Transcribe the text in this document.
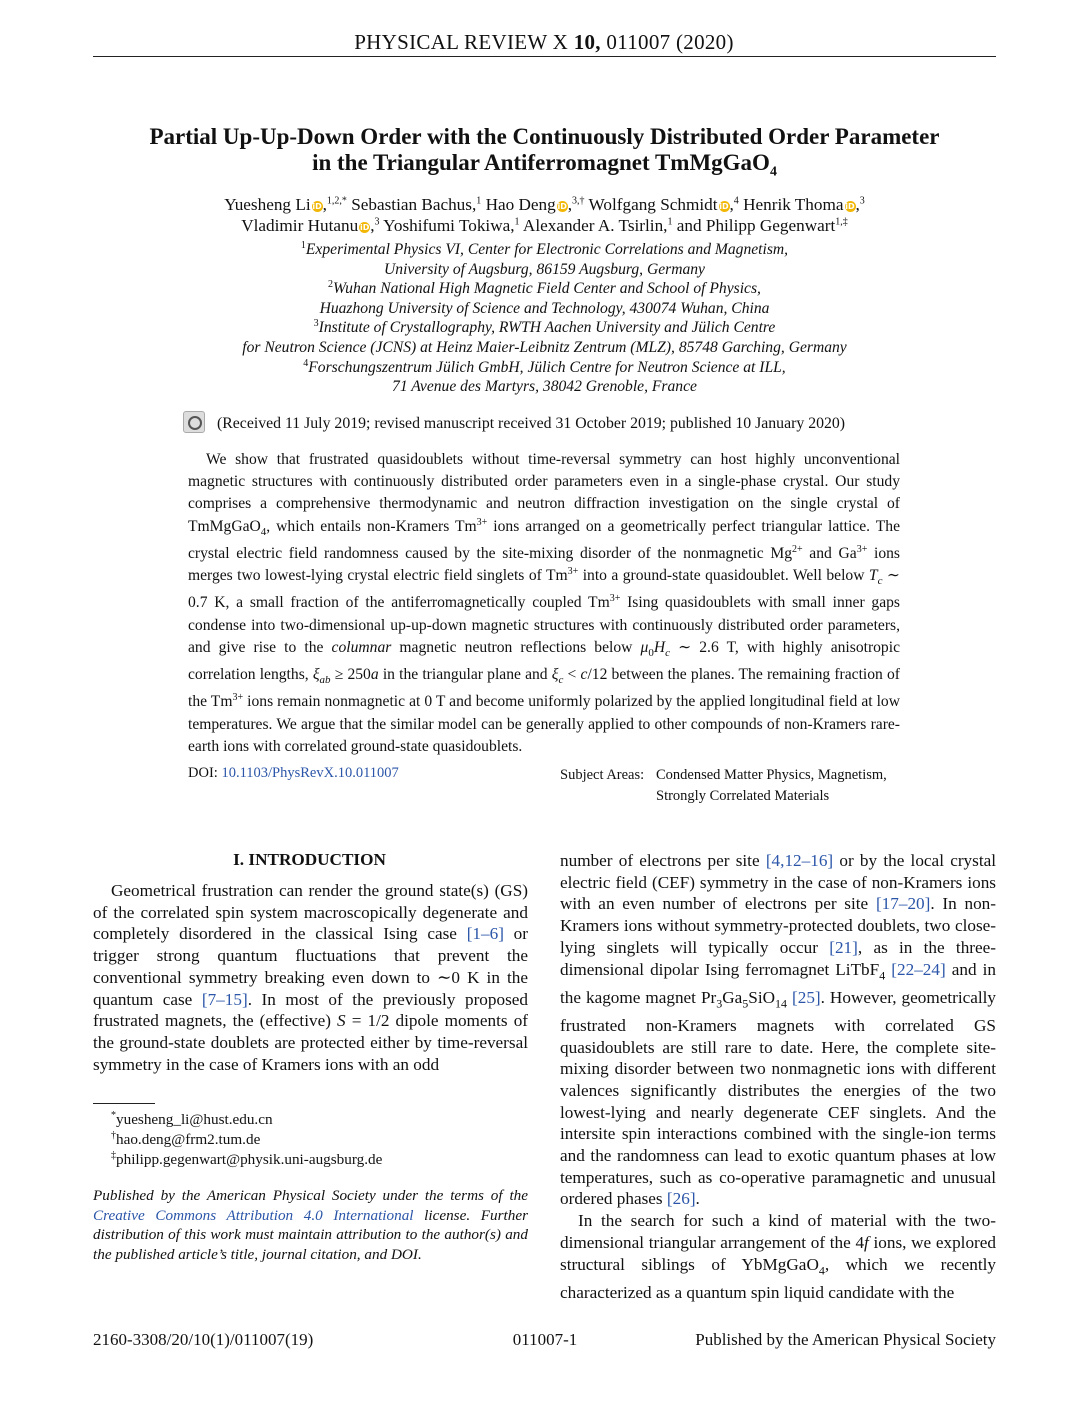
PHYSICAL REVIEW X 10, 011007 (2020)
Partial Up-Up-Down Order with the Continuously Distributed Order Parameter
in the Triangular Antiferromagnet TmMgGaO$_4$
Yuesheng Li iD,$^{1,2,*}$ Sebastian Bachus,$^1$ Hao Deng iD,$^{3,\dagger}$ Wolfgang Schmidt iD,$^4$ Henrik Thoma iD,$^3$
Vladimir Hutanu iD,$^3$ Yoshifumi Tokiwa,$^1$ Alexander A. Tsirlin,$^1$ and Philipp Gegenwart$^{1,\ddagger}$
$^1$Experimental Physics VI, Center for Electronic Correlations and Magnetism,
University of Augsburg, 86159 Augsburg, Germany
$^2$Wuhan National High Magnetic Field Center and School of Physics,
Huazhong University of Science and Technology, 430074 Wuhan, China
$^3$Institute of Crystallography, RWTH Aachen University and Jülich Centre
for Neutron Science (JCNS) at Heinz Maier-Leibnitz Zentrum (MLZ), 85748 Garching, Germany
$^4$Forschungszentrum Jülich GmbH, Jülich Centre for Neutron Science at ILL,
71 Avenue des Martyrs, 38042 Grenoble, France
(Received 11 July 2019; revised manuscript received 31 October 2019; published 10 January 2020)
We show that frustrated quasidoublets without time-reversal symmetry can host highly unconventional magnetic structures with continuously distributed order parameters even in a single-phase crystal. Our study comprises a comprehensive thermodynamic and neutron diffraction investigation on the single crystal of TmMgGaO$_4$, which entails non-Kramers $Tm^{3+}$ ions arranged on a geometrically perfect triangular lattice. The crystal electric field randomness caused by the site-mixing disorder of the nonmagnetic $Mg^{2+}$ and $Ga^{3+}$ ions merges two lowest-lying crystal electric field singlets of $Tm^{3+}$ into a ground-state quasidoublet. Well below $T_c$ ∼ 0.7 K, a small fraction of the antiferromagnetically coupled $Tm^{3+}$ Ising quasidoublets with small inner gaps condense into two-dimensional up-up-down magnetic structures with continuously distributed order parameters, and give rise to the columnar magnetic neutron reflections below $\mu_0H_c$ ∼ 2.6 T, with highly anisotropic correlation lengths, $\xi_{ab} \ge 250a$ in the triangular plane and $\xi_c < c/12$ between the planes. The remaining fraction of the $Tm^{3+}$ ions remain nonmagnetic at 0 T and become uniformly polarized by the applied longitudinal field at low temperatures. We argue that the similar model can be generally applied to other compounds of non-Kramers rare-earth ions with correlated ground-state quasidoublets.
DOI: 10.1103/PhysRevX.10.011007	Subject Areas: Condensed Matter Physics, Magnetism,
Strongly Correlated Materials
I. INTRODUCTION
Geometrical frustration can render the ground state(s) (GS) of the correlated spin system macroscopically degenerate and completely disordered in the classical Ising case [1–6] or trigger strong quantum fluctuations that prevent the conventional symmetry breaking even down to ∼0 K in the quantum case [7–15]. In most of the previously proposed frustrated magnets, the (effective) S = 1/2 dipole moments of the ground-state doublets are protected either by time-reversal symmetry in the case of Kramers ions with an odd

number of electrons per site [4,12–16] or by the local crystal electric field (CEF) symmetry in the case of non-Kramers ions with an even number of electrons per site [17–20]. In non-Kramers ions without symmetry-protected doublets, two close-lying singlets will typically occur [21], as in the three-dimensional dipolar Ising ferromagnet LiTbF$_4$ [22–24] and in the kagome magnet $Pr_3Ga_5SiO_{14}$ [25]. However, geometrically frustrated non-Kramers magnets with correlated GS quasidoublets are still rare to date. Here, the complete site-mixing disorder between two nonmagnetic ions with different valences significantly distributes the energies of the two lowest-lying and nearly degenerate CEF singlets. And the intersite spin interactions combined with the single-ion terms and the randomness can lead to exotic quantum phases at low temperatures, such as co-operative paramagnetic and unusual ordered phases [26].

In the search for such a kind of material with the two-dimensional triangular arrangement of the 4f ions, we explored structural siblings of YbMgGaO$_4$, which we recently characterized as a quantum spin liquid candidate with the

*yuesheng_li@hust.edu.cn
†hao.deng@frm2.tum.de
‡philipp.gegenwart@physik.uni-augsburg.de
Published by the American Physical Society under the terms of the Creative Commons Attribution 4.0 International license. Further distribution of this work must maintain attribution to the author(s) and the published article’s title, journal citation, and DOI.
2160-3308/20/10(1)/011007(19)	011007-1	Published by the American Physical Society
